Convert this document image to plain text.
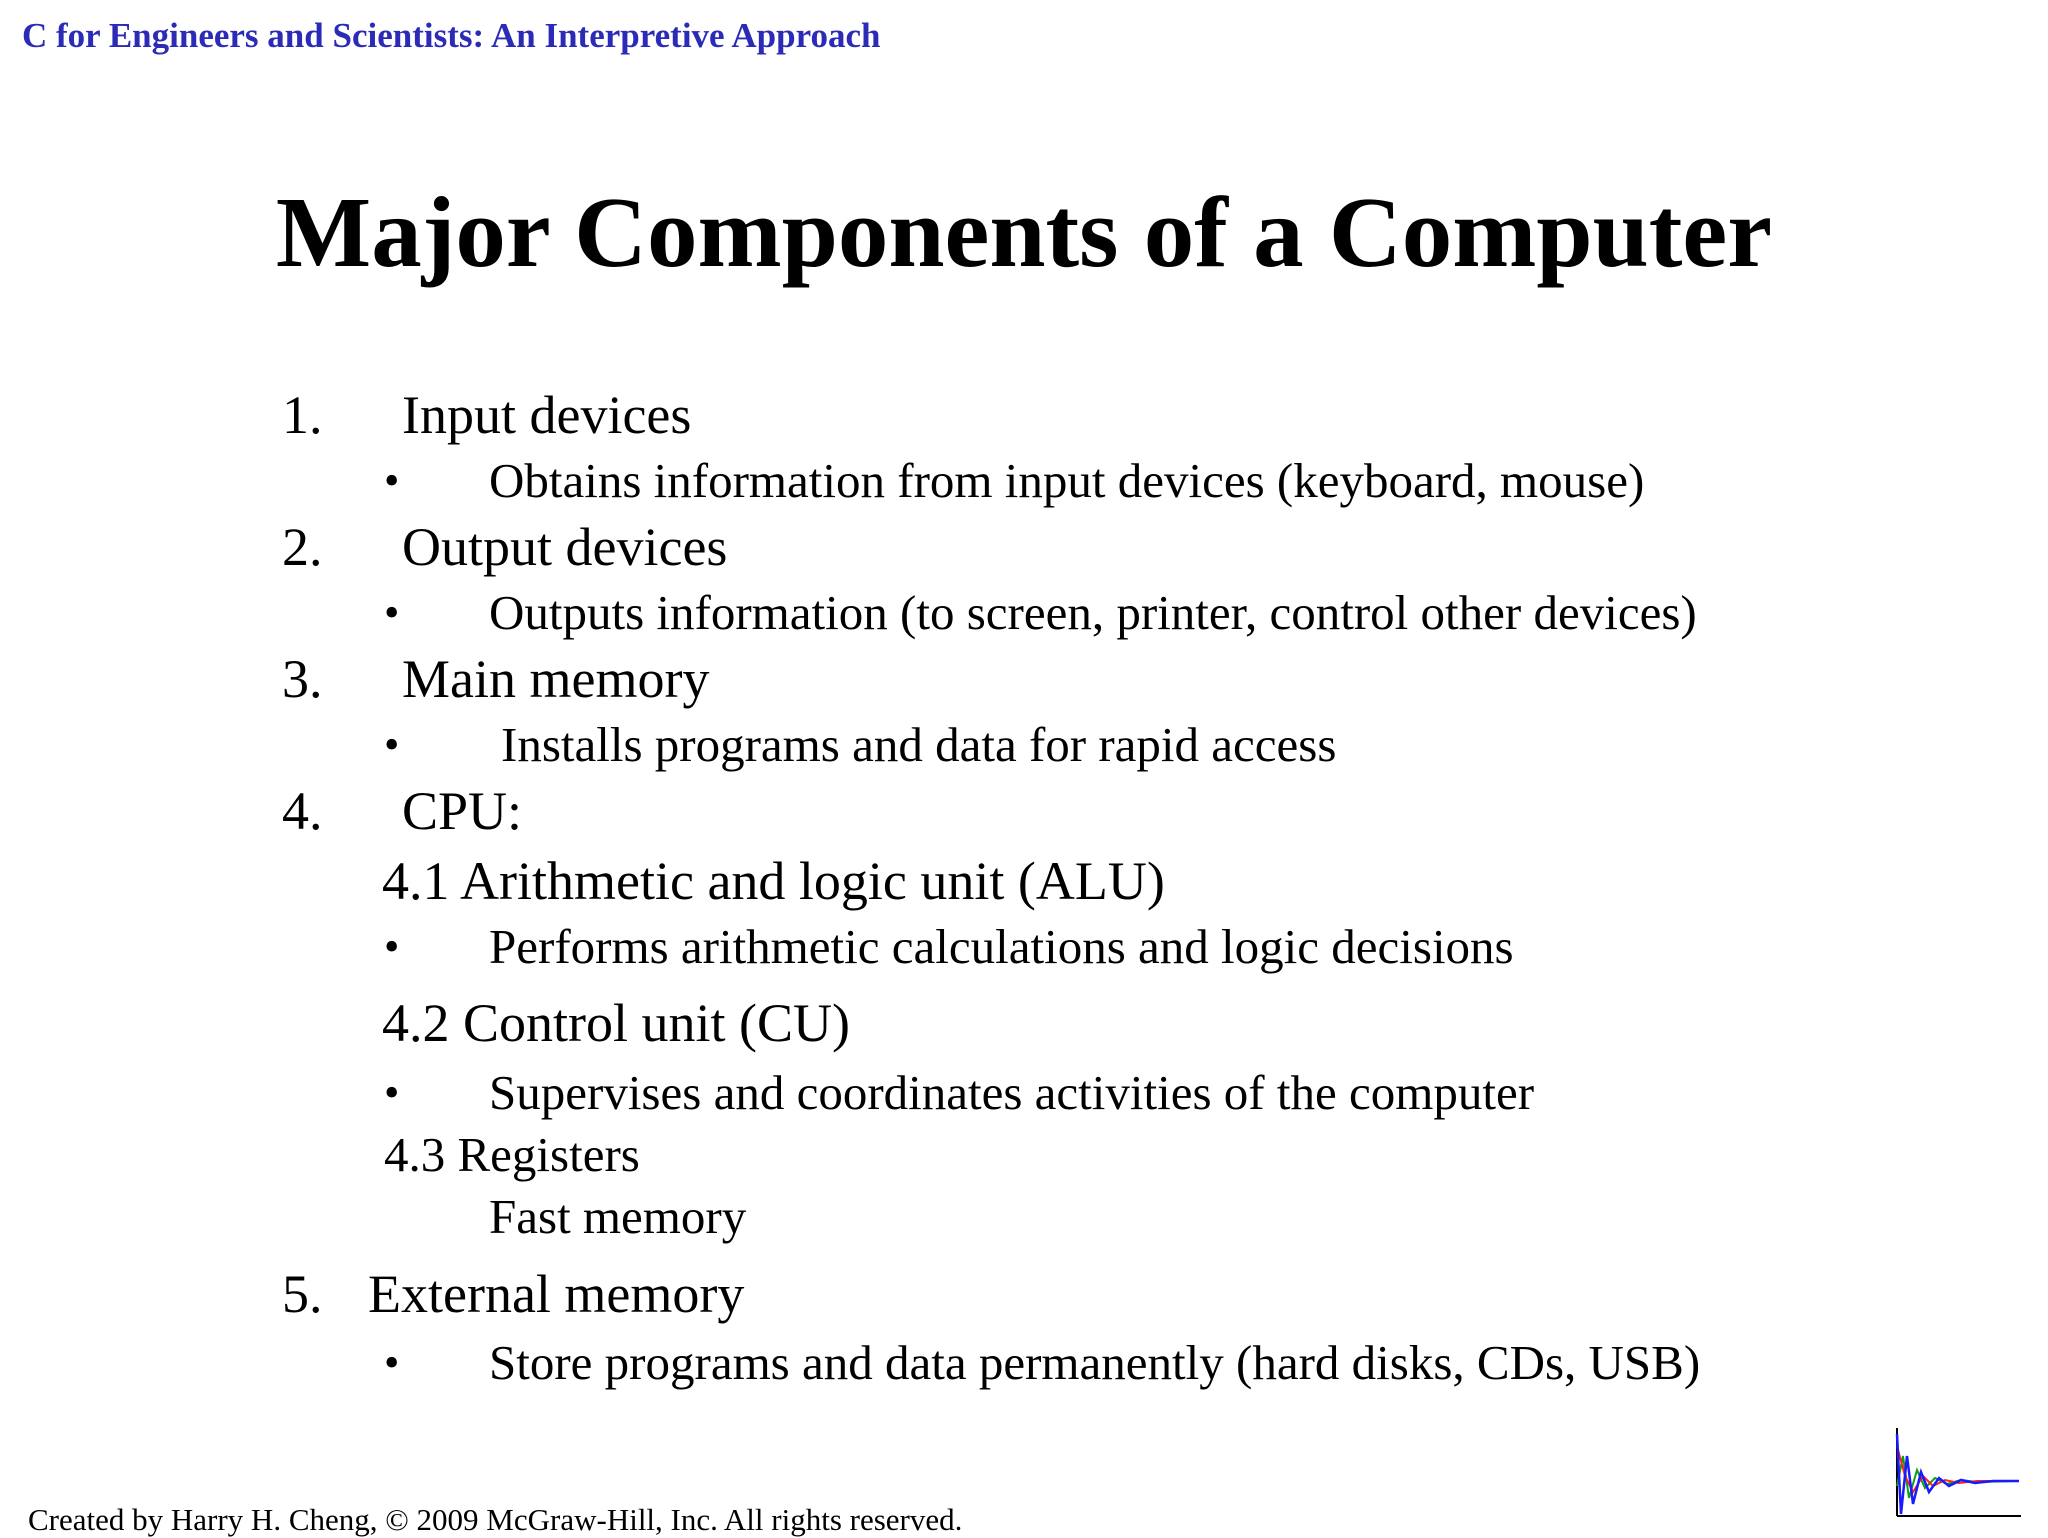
C for Engineers and Scientists: An Interpretive Approach
Major Components of a Computer
1. Input devices
• Obtains information from input devices (keyboard, mouse)
2. Output devices
• Outputs information (to screen, printer, control other devices)
3. Main memory
• Installs programs and data for rapid access
4. CPU:
4.1 Arithmetic and logic unit (ALU)
• Performs arithmetic calculations and logic decisions
4.2 Control unit (CU)
• Supervises and coordinates activities of the computer
4.3 Registers
Fast memory
5. External memory
• Store programs and data permanently (hard disks, CDs, USB)
Created by Harry H. Cheng, © 2009 McGraw-Hill, Inc. All rights reserved.
